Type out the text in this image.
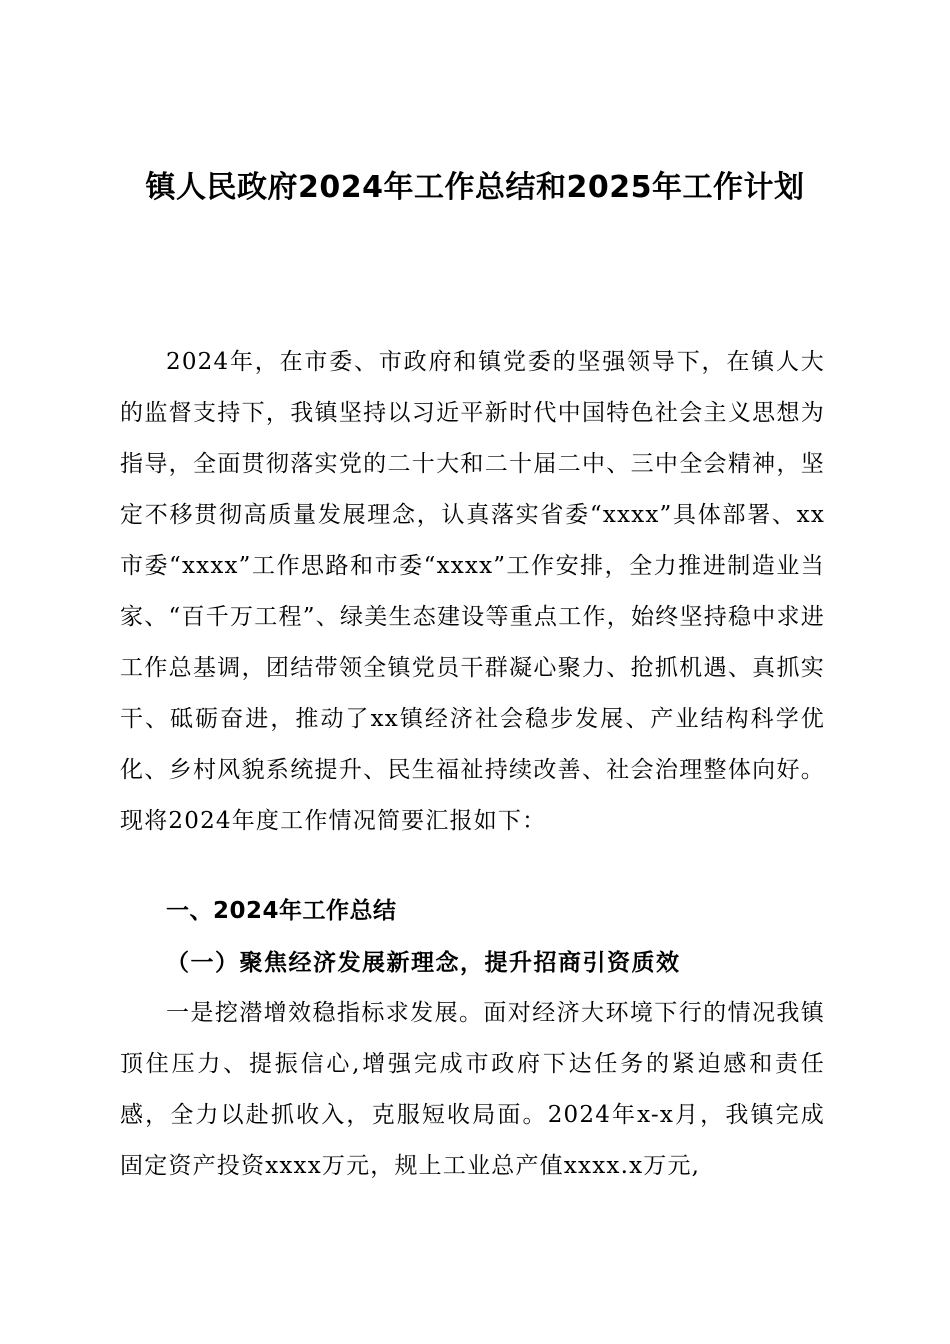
镇人民政府2024年工作总结和2025年工作计划

2024年，在市委、市政府和镇党委的坚强领导下，在镇人大的监督支持下，我镇坚持以习近平新时代中国特色社会主义思想为指导，全面贯彻落实党的二十大和二十届二中、三中全会精神，坚定不移贯彻高质量发展理念，认真落实省委“xxxx”具体部署、xx市委“xxxx”工作思路和市委“xxxx”工作安排，全力推进制造业当家、“百千万工程”、绿美生态建设等重点工作，始终坚持稳中求进工作总基调，团结带领全镇党员干群凝心聚力、抢抓机遇、真抓实干、砥砺奋进，推动了xx镇经济社会稳步发展、产业结构科学优化、乡村风貌系统提升、民生福祉持续改善、社会治理整体向好。现将2024年度工作情况简要汇报如下：

一、2024年工作总结
（一）聚焦经济发展新理念，提升招商引资质效

一是挖潜增效稳指标求发展。面对经济大环境下行的情况我镇顶住压力、提振信心,增强完成市政府下达任务的紧迫感和责任感，全力以赴抓收入，克服短收局面。2024年x-x月，我镇完成固定资产投资xxxx万元，规上工业总产值xxxx.x万元,
